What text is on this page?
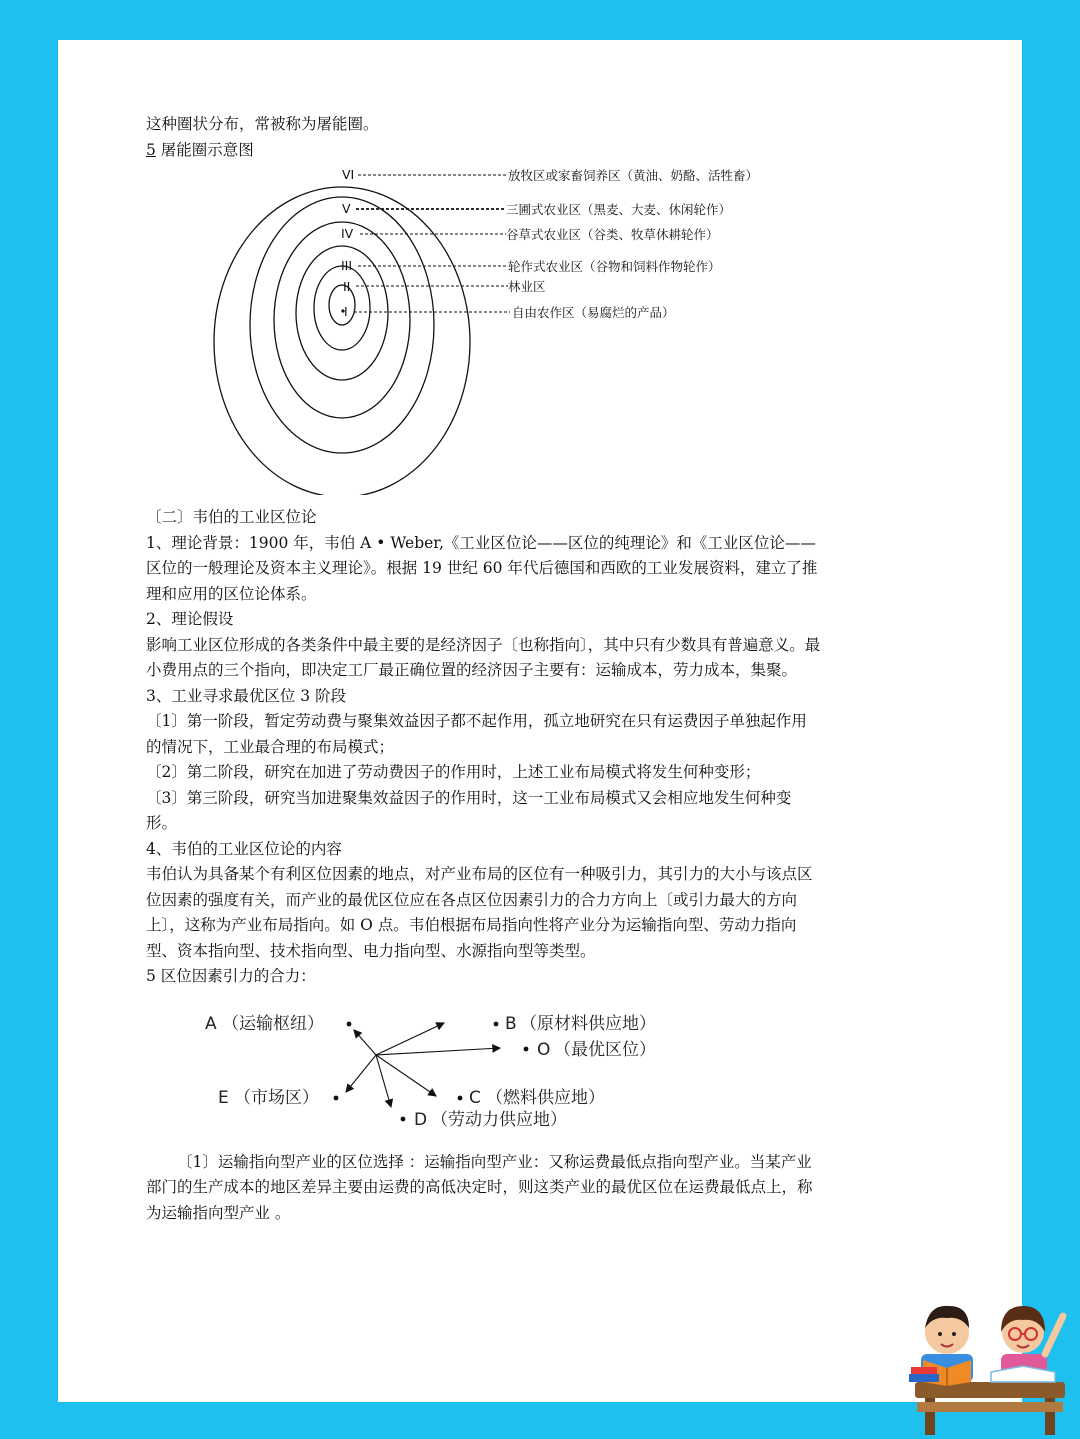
这种圈状分布，常被称为屠能圈。

5 屠能圈示意图

VI	放牧区或家畜饲养区（黄油、奶酪、活牲畜）
V	三圃式农业区（黑麦、大麦、休闲轮作）
IV	谷草式农业区（谷类、牧草休耕轮作）
III	轮作式农业区（谷物和饲料作物轮作）
II	林业区
I	自由农作区（易腐烂的产品）

〔二〕韦伯的工业区位论

1、理论背景：1900 年，韦伯 A • Weber,《工业区位论——区位的纯理论》和《工业区位论——区位的一般理论及资本主义理论》。根据 19 世纪 60 年代后德国和西欧的工业发展资料，建立了推理和应用的区位论体系。

2、理论假设

影响工业区位形成的各类条件中最主要的是经济因子〔也称指向〕，其中只有少数具有普遍意义。最小费用点的三个指向，即决定工厂最正确位置的经济因子主要有：运输成本，劳力成本，集聚。

3、工业寻求最优区位 3 阶段

〔1〕第一阶段，暂定劳动费与聚集效益因子都不起作用，孤立地研究在只有运费因子单独起作用的情况下，工业最合理的布局模式；

〔2〕第二阶段，研究在加进了劳动费因子的作用时，上述工业布局模式将发生何种变形；

〔3〕第三阶段，研究当加进聚集效益因子的作用时，这一工业布局模式又会相应地发生何种变形。

4、韦伯的工业区位论的内容

韦伯认为具备某个有利区位因素的地点，对产业布局的区位有一种吸引力，其引力的大小与该点区位因素的强度有关，而产业的最优区位应在各点区位因素引力的合力方向上〔或引力最大的方向上〕，这称为产业布局指向。如 O 点。韦伯根据布局指向性将产业分为运输指向型、劳动力指向型、资本指向型、技术指向型、电力指向型、水源指向型等类型。

5 区位因素引力的合力：

A （运输枢纽）	B （原材料供应地）
O （最优区位）
E （市场区）	C （燃料供应地）
D （劳动力供应地）

〔1〕运输指向型产业的区位选择 ：运输指向型产业：又称运费最低点指向型产业。当某产业部门的生产成本的地区差异主要由运费的高低决定时，则这类产业的最优区位在运费最低点上，称为运输指向型产业 。
